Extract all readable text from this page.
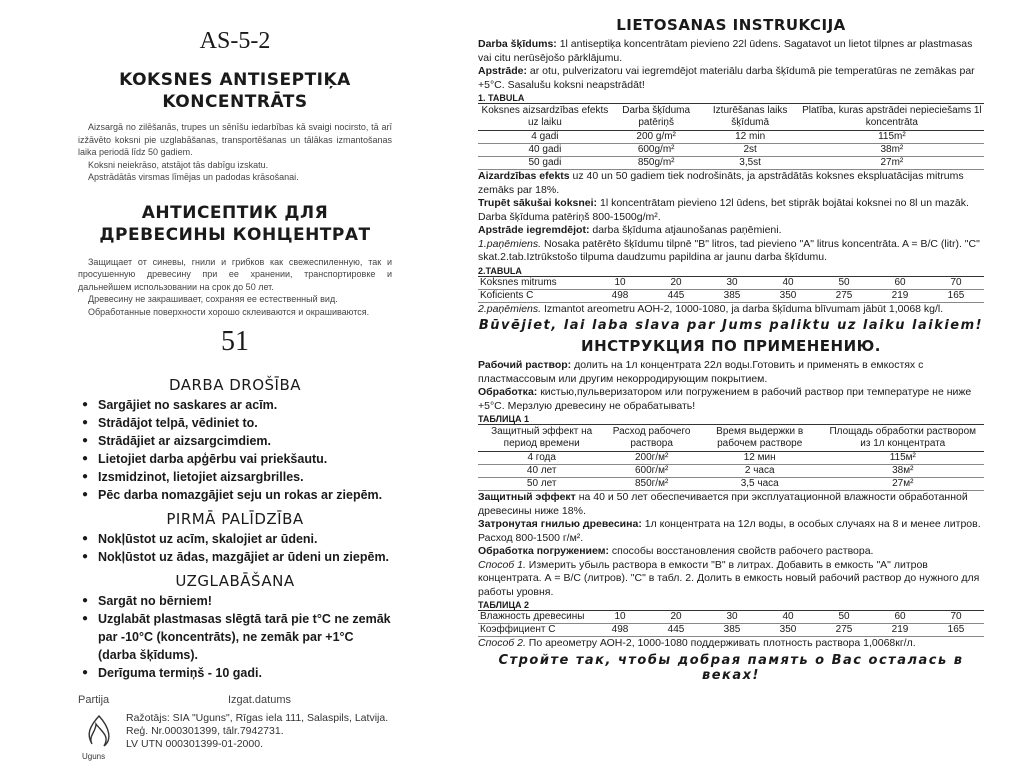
AS-5-2
KOKSNES ANTISEPTIĶA KONCENTRĀTS

Aizsargā no zilēšanās, trupes un sēnīšu iedarbības kā svaigi nocirsto, tā arī izžāvēto koksni pie uzglabāšanas, transportēšanas un tālākas izmantošanas laika periodā līdz 50 gadiem.

Koksni neiekrāso, atstājot tās dabīgu izskatu.

Apstrādātās virsmas līmējas un padodas krāsošanai.

АНТИСЕПТИК ДЛЯ ДРЕВЕСИНЫ КОНЦЕНТРАТ

Защищает от синевы, гнили и грибков как свежеспиленную, так и просушенную древесину при ее хранении, транспортировке и дальнейшем использовании на срок до 50 лет.

Древесину не закрашивает, сохраняя ее естественный вид.

Обработанные поверхности хорошо склеиваются и окрашиваются.

51
DARBA DROŠĪBA
● Sargājiet no saskares ar acīm.
● Strādājot telpā, vēdiniet to.
● Strādājiet ar aizsargcimdiem.
● Lietojiet darba apģērbu vai priekšautu.
● Izsmidzinot, lietojiet aizsargbrilles.
● Pēc darba nomazgājiet seju un rokas ar ziepēm.
PIRMĀ PALĪDZĪBA
● Nokļūstot uz acīm, skalojiet ar ūdeni.
● Nokļūstot uz ādas, mazgājiet ar ūdeni un ziepēm.
UZGLABĀŠANA
● Sargāt no bērniem!
● Uzglabāt plastmasas slēgtā tarā pie t°C ne zemāk par -10°C (koncentrāts), ne zemāk par +1°C (darba šķīdums).
● Derīguma termiņš - 10 gadi.
Partija	Izgat.datums
Uguns
Ražotājs: SIA "Uguns", Rīgas iela 111, Salaspils, Latvija.
Reģ. Nr.000301399, tālr.7942731.
LV UTN 000301399-01-2000.
LIETOSANAS INSTRUKCIJA
Darba šķīdums: 1l antiseptiķa koncentrātam pievieno 22l ūdens. Sagatavot un lietot tilpnes ar plastmasas vai citu nerūsējošo pārklājumu.
Apstrāde: ar otu, pulverizatoru vai iegremdējot materiālu darba šķīdumā pie temperatūras ne zemākas par +5°C. Sasalušu koksni neapstrādāt!
1. TABULA
Koksnes aizsardzības efekts uz laiku	Darba šķīduma patēriņš	Izturēšanas laiks šķīdumā	Platība, kuras apstrādei nepieciešams 1l koncentrāta
4 gadi	200 g/m²	12 min	115m²
40 gadi	600g/m²	2st	38m²
50 gadi	850g/m²	3,5st	27m²
Aizardzības efekts uz 40 un 50 gadiem tiek nodrošināts, ja apstrādātās koksnes ekspluatācijas mitrums zemāks par 18%.
Trupēt sākušai koksnei: 1l koncentrātam pievieno 12l ūdens, bet stiprāk bojātai koksnei no 8l un mazāk. Darba šķīduma patēriņš 800-1500g/m².
Apstrāde iegremdējot: darba šķīduma atjaunošanas paņēmieni.
1.paņēmiens. Nosaka patērēto šķīdumu tilpnē "B" litros, tad pievieno "A" litrus koncentrāta. A = B/C (litr). "C" skat.2.tab.Iztrūkstošo tilpuma daudzumu papildina ar jaunu darba šķīdumu.
2.TABULA
Koksnes mitrums	10	20	30	40	50	60	70
Koficients C	498	445	385	350	275	219	165
2.paņēmiens. Izmantot areometru AOH-2, 1000-1080, ja darba šķīduma blīvumam jābūt 1,0068 kg/l.
Būvējiet, lai laba slava par Jums paliktu uz laiku laikiem!
ИНСТРУКЦИЯ ПО ПРИМЕНЕНИЮ.
Рабочий раствор: долить на 1л концентрата 22л воды.Готовить и применять в емкостях с пластмассовым или другим некорродирующим покрытием.
Обработка: кистью,пульверизатором или погружением в рабочий раствор при температуре не ниже +5°С. Мерзлую древесину не обрабатывать!
ТАБЛИЦА 1
Защитный эффект на период времени	Расход рабочего раствора	Время выдержки в рабочем растворе	Площадь обработки раствором из 1л концентрата
4 года	200г/м²	12 мин	115м²
40 лет	600г/м²	2 часа	38м²
50 лет	850г/м²	3,5 часа	27м²
Защитный эффект на 40 и 50 лет обеспечивается при эксплуатационной влажности обработанной древесины ниже 18%.
Затронутая гнилью древесина: 1л концентрата на 12л воды, в особых случаях на 8 и менее литров. Расход 800-1500 г/м².
Обработка погружением: способы восстановления свойств рабочего раствора.
Способ 1. Измерить убыль раствора в емкости "В" в литрах. Добавить в емкость "А" литров концентрата. А = В/С (литров). "С" в табл. 2. Долить в емкость новый рабочий раствор до нужного для работы уровня.
ТАБЛИЦА 2
Влажность древесины	10	20	30	40	50	60	70
Коэффициент С	498	445	385	350	275	219	165
Способ 2. По ареометру АОН-2, 1000-1080 поддерживать плотность раствора 1,0068кг/л.
Стройте так, чтобы добрая память о Вас осталась в веках!
